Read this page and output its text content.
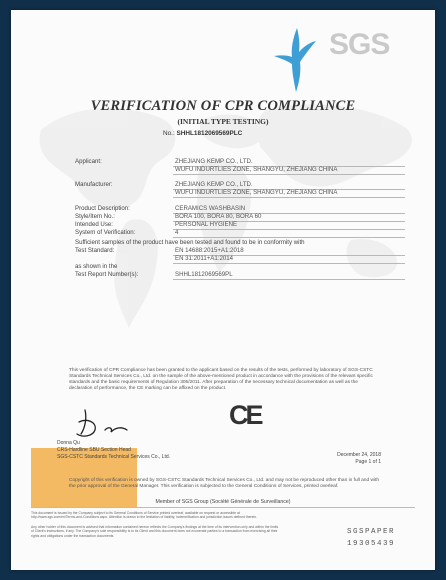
SGS
VERIFICATION OF CPR COMPLIANCE
(INITIAL TYPE TESTING)
No.: SHHL1812069569PLC
Applicant:	ZHEJIANG KEMP CO., LTD.
WUFU INDURTLIES ZONE, SHANGYU, ZHEJIANG CHINA
Manufacturer:	ZHEJIANG KEMP CO., LTD.
WUFU INDURTLIES ZONE, SHANGYU, ZHEJIANG CHINA
Product Description:	CERAMICS WASHBASIN
Style/Item No.:	BORA 100, BORA 80, BORA 60
Intended Use:	PERSONAL HYGIENE
System of Verification:	4
Sufficient samples of the product have been tested and found to be in conformity with
Test Standard:	EN 14688:2015+A1:2018
EN 31:2011+A1:2014
as shown in the
Test Report Number(s):	SHHL1812069569PL
This verification of CPR Compliance has been granted to the applicant based on the results of the tests, performed by laboratory of SGS-CSTC Standards Technical Services Co., Ltd. on the sample of the above-mentioned product in accordance with the provisions of the relevant specific standards and the basic requirements of Regulation 305/2011. After preparation of the necessary technical documentation as well as the declaration of performance, the CE marking can be affixed on the product.
CE
Donna Qu
CRS-Hardline SBU Section Head
SGS-CSTC Standards Technical Services Co., Ltd.	December 24, 2018
Page 1 of 1
Copyright of this verification is owned by SGS-CSTC Standards Technical Services Co., Ltd. and may not be reproduced other than in full and with the prior approval of the General Manager. This verification is subjected to the General Conditions of Services, printed overleaf.
Member of SGS Group (Société Générale de Surveillance)
This document is issued by the Company subject to its General Conditions of Service printed overleaf, available on request or accessible at http://www.sgs.com/en/Terms-and-Conditions.aspx. Attention is drawn to the limitation of liability, indemnification and jurisdiction issues defined therein.
Any other holder of this document is advised that information contained hereon reflects the Company's findings at the time of its intervention only and within the limits of Client's instructions, if any. The Company's sole responsibility is to its Client and this document does not exonerate parties to a transaction from exercising all their rights and obligations under the transaction documents.	SGSPAPER
19305439
